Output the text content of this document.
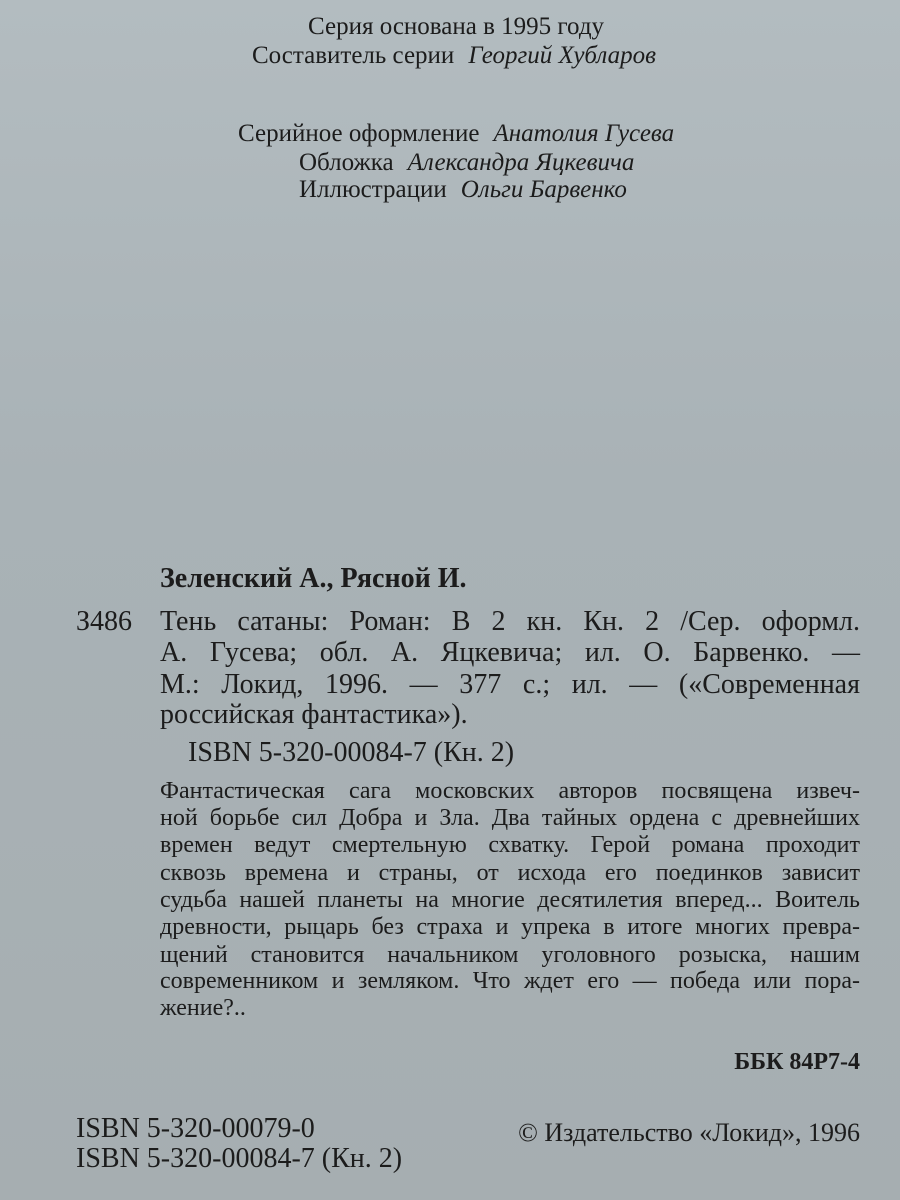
Серия основана в 1995 году
Составитель серии Георгий Хубларов
Серийное оформление Анатолия Гусева
Обложка Александра Яцкевича
Иллюстрации Ольги Барвенко
Зеленский А., Рясной И.
З486 Тень сатаны: Роман: В 2 кн. Кн. 2 /Сер. оформл.
А. Гусева; обл. А. Яцкевича; ил. О. Барвенко. —
М.: Локид, 1996. — 377 с.; ил. — («Современная
российская фантастика»).
ISBN 5-320-00084-7 (Кн. 2)
Фантастическая сага московских авторов посвящена извеч-
ной борьбе сил Добра и Зла. Два тайных ордена с древнейших
времен ведут смертельную схватку. Герой романа проходит
сквозь времена и страны, от исхода его поединков зависит
судьба нашей планеты на многие десятилетия вперед... Воитель
древности, рыцарь без страха и упрека в итоге многих превра-
щений становится начальником уголовного розыска, нашим
современником и земляком. Что ждет его — победа или пора-
жение?..
ББК 84Р7-4
ISBN 5-320-00079-0
ISBN 5-320-00084-7 (Кн. 2)
© Издательство «Локид», 1996
